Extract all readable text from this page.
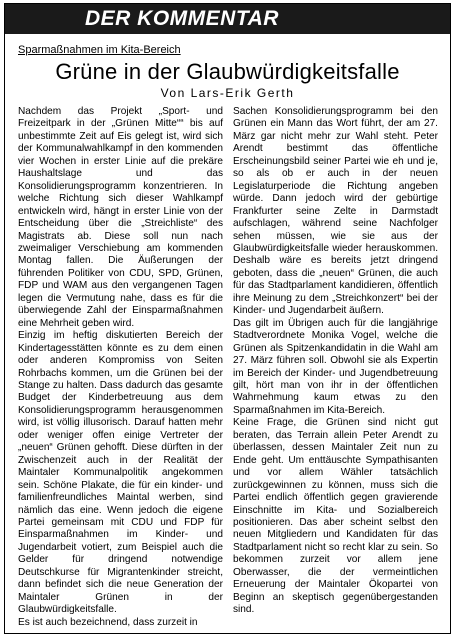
DER KOMMENTAR
Sparmaßnahmen im Kita-Bereich
Grüne in der Glaubwürdigkeitsfalle
Von Lars-Erik Gerth

Nachdem das Projekt „Sport- und Freizeitpark in der „Grünen Mitte““ bis auf unbestimmte Zeit auf Eis gelegt ist, wird sich der Kommunalwahlkampf in den kommenden vier Wochen in erster Linie auf die prekäre Haushaltslage und das Konsolidierungsprogramm konzentrieren. In welche Richtung sich dieser Wahlkampf entwickeln wird, hängt in erster Linie von der Entscheidung über die „Streichliste“ des Magistrats ab. Diese soll nun nach zweimaliger Verschiebung am kommenden Montag fallen. Die Äußerungen der führenden Politiker von CDU, SPD, Grünen, FDP und WAM aus den vergangenen Tagen legen die Vermutung nahe, dass es für die überwiegende Zahl der Einsparmaßnahmen eine Mehrheit geben wird.

Einzig im heftig diskutierten Bereich der Kindertagesstätten könnte es zu dem einen oder anderen Kompromiss von Seiten Rohrbachs kommen, um die Grünen bei der Stange zu halten. Dass dadurch das gesamte Budget der Kinderbetreuung aus dem Konsolidierungsprogramm herausgenommen wird, ist völlig illusorisch. Darauf hatten mehr oder weniger offen einige Vertreter der „neuen“ Grünen gehofft. Diese dürften in der Zwischenzeit auch in der Realität der Maintaler Kommunalpolitik angekommen sein. Schöne Plakate, die für ein kinder- und familienfreundliches Maintal werben, sind nämlich das eine. Wenn jedoch die eigene Partei gemeinsam mit CDU und FDP für Einsparmaßnahmen im Kinder- und Jugendarbeit votiert, zum Beispiel auch die Gelder für dringend notwendige Deutschkurse für Migrantenkinder streicht, dann befindet sich die neue Generation der Maintaler Grünen in der Glaubwürdigkeitsfalle.

Es ist auch bezeichnend, dass zurzeit in

Sachen Konsolidierungsprogramm bei den Grünen ein Mann das Wort führt, der am 27. März gar nicht mehr zur Wahl steht. Peter Arendt bestimmt das öffentliche Erscheinungsbild seiner Partei wie eh und je, so als ob er auch in der neuen Legislaturperiode die Richtung angeben würde. Dann jedoch wird der gebürtige Frankfurter seine Zelte in Darmstadt aufschlagen, während seine Nachfolger sehen müssen, wie sie aus der Glaubwürdigkeitsfalle wieder herauskommen. Deshalb wäre es bereits jetzt dringend geboten, dass die „neuen“ Grünen, die auch für das Stadtparlament kandidieren, öffentlich ihre Meinung zu dem „Streichkonzert“ bei der Kinder- und Jugendarbeit äußern.

Das gilt im Übrigen auch für die langjährige Stadtverordnete Monika Vogel, welche die Grünen als Spitzenkandidatin in die Wahl am 27. März führen soll. Obwohl sie als Expertin im Bereich der Kinder- und Jugendbetreuung gilt, hört man von ihr in der öffentlichen Wahrnehmung kaum etwas zu den Sparmaßnahmen im Kita-Bereich.

Keine Frage, die Grünen sind nicht gut beraten, das Terrain allein Peter Arendt zu überlassen, dessen Maintaler Zeit nun zu Ende geht. Um enttäuschte Sympathisanten und vor allem Wähler tatsächlich zurückgewinnen zu können, muss sich die Partei endlich öffentlich gegen gravierende Einschnitte im Kita- und Sozialbereich positionieren. Das aber scheint selbst den neuen Mitgliedern und Kandidaten für das Stadtparlament nicht so recht klar zu sein. So bekommen zurzeit vor allem jene Oberwasser, die der vermeintlichen Erneuerung der Maintaler Ökopartei von Beginn an skeptisch gegenübergestanden sind.
